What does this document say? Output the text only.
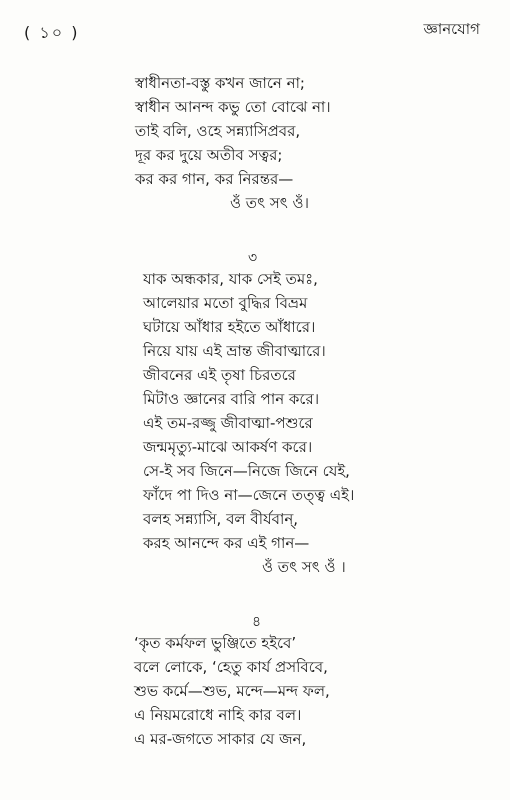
( ১০ )	জ্ঞানযোগ
স্বাধীনতা-বস্তু কখন জানে না;
স্বাধীন আনন্দ কভু তো বোঝে না।
তাই বলি, ওহে সন্ন্যাসিপ্রবর,
দূর কর দুয়ে অতীব সত্বর;
কর কর গান, কর নিরন্তর—
ওঁ তৎ সৎ ওঁ।
৩
যাক অন্ধকার, যাক সেই তমঃ,
আলেয়ার মতো বুদ্ধির বিভ্রম
ঘটায়ে আঁধার হইতে আঁধারে।
নিয়ে যায় এই ভ্রান্ত জীবাত্মারে।
জীবনের এই তৃষা চিরতরে
মিটাও জ্ঞানের বারি পান করে।
এই তম-রজ্জু জীবাত্মা-পশুরে
জন্মমৃত্যু-মাঝে আকর্ষণ করে।
সে-ই সব জিনে—নিজে জিনে যেই,
ফাঁদে পা দিও না—জেনে তত্ত্ব এই।
বলহ সন্ন্যাসি, বল বীর্যবান্,
করহ আনন্দে কর এই গান—
ওঁ তৎ সৎ ওঁ ।
৪
‘কৃত কর্মফল ভুঞ্জিতে হইবে’
বলে লোকে, ‘হেতু কার্য প্রসবিবে,
শুভ কর্মে—শুভ, মন্দে—মন্দ ফল,
এ নিয়মরোধে নাহি কার বল।
এ মর-জগতে সাকার যে জন,
